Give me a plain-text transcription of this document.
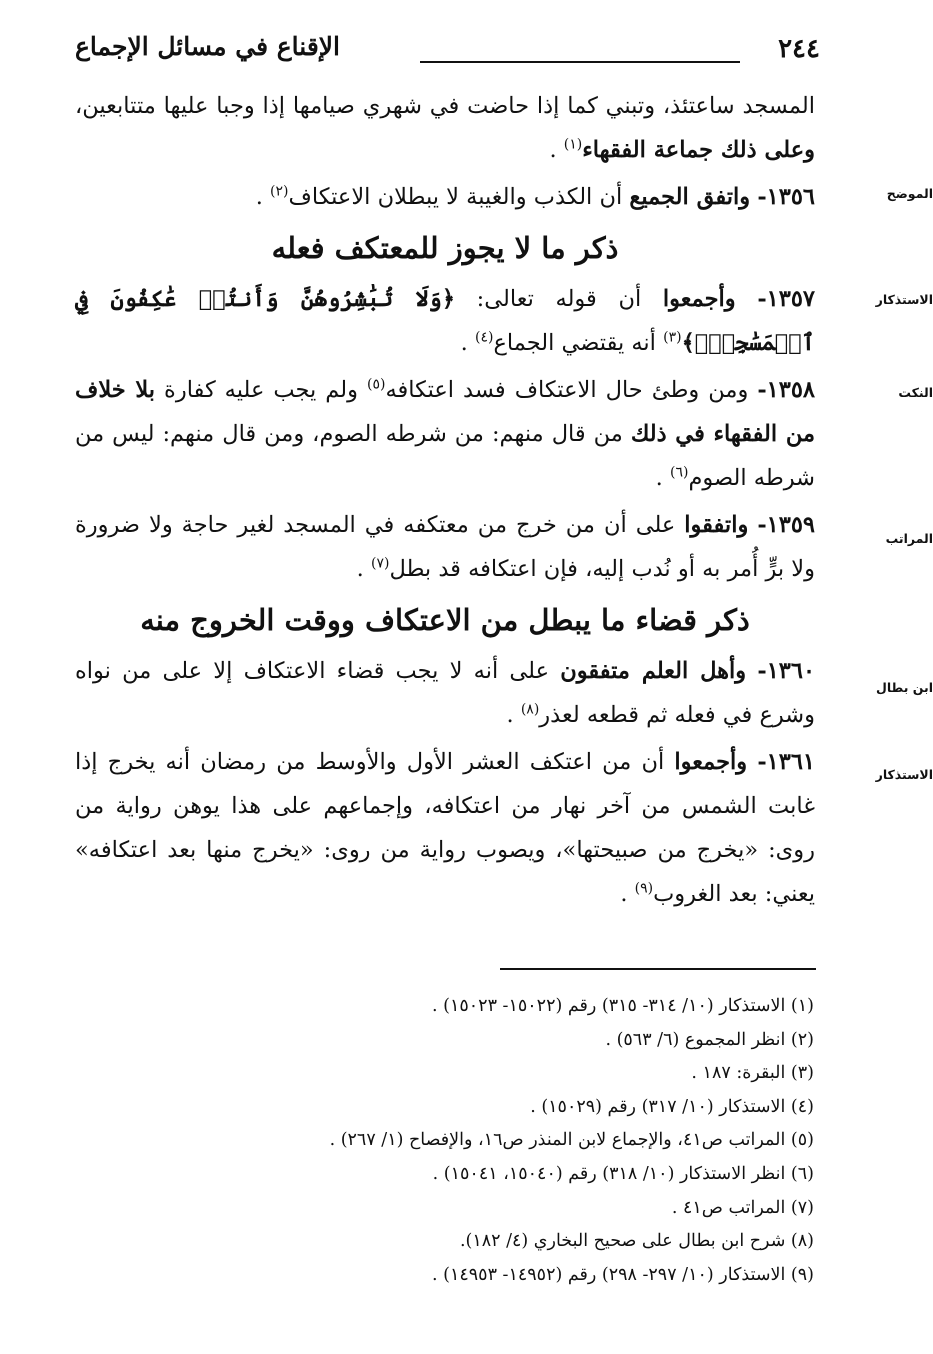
٢٤٤
الإقناع في مسائل الإجماع

المسجد ساعتئذ، وتبني كما إذا حاضت في شهري صيامها إذا وجبا عليها متتابعين، وعلى ذلك جماعة الفقهاء$^{(١)}$ .

١٣٥٦- واتفق الجميع أن الكذب والغيبة لا يبطلان الاعتكاف$^{(٢)}$ .

ذكر ما لا يجوز للمعتكف فعله

١٣٥٧- وأجمعوا أن قوله تعالى: ﴿وَلَا تُبَٰشِرُوهُنَّ وَأَنتُمۡ عَٰكِفُونَ فِي ٱلۡمَسَٰجِدِۗ﴾$^{(٣)}$ أنه يقتضي الجماع$^{(٤)}$ .

١٣٥٨- ومن وطئ حال الاعتكاف فسد اعتكافه$^{(٥)}$ ولم يجب عليه كفارة بلا خلاف من الفقهاء في ذلك من قال منهم: من شرطه الصوم، ومن قال منهم: ليس من شرطه الصوم$^{(٦)}$ .

١٣٥٩- واتفقوا على أن من خرج من معتكفه في المسجد لغير حاجة ولا ضرورة ولا برٍّ أُمر به أو نُدب إليه، فإن اعتكافه قد بطل$^{(٧)}$ .

ذكر قضاء ما يبطل من الاعتكاف ووقت الخروج منه

١٣٦٠- وأهل العلم متفقون على أنه لا يجب قضاء الاعتكاف إلا على من نواه وشرع في فعله ثم قطعه لعذر$^{(٨)}$ .

١٣٦١- وأجمعوا أن من اعتكف العشر الأول والأوسط من رمضان أنه يخرج إذا غابت الشمس من آخر نهار من اعتكافه، وإجماعهم على هذا يوهن رواية من روى: «يخرج من صبيحتها»، ويصوب رواية من روى: «يخرج منها بعد اعتكافه» يعني: بعد الغروب$^{(٩)}$ .

الموضح
الاستذكار
النكت
المراتب
ابن بطال
الاستذكار
(١) الاستذكار (١٠/ ٣١٤- ٣١٥) رقم (١٥٠٢٢- ١٥٠٢٣) .
(٢) انظر المجموع (٦/ ٥٦٣) .
(٣) البقرة: ١٨٧ .
(٤) الاستذكار (١٠/ ٣١٧) رقم (١٥٠٢٩) .
(٥) المراتب ص٤١، والإجماع لابن المنذر ص١٦، والإفصاح (١/ ٢٦٧) .
(٦) انظر الاستذكار (١٠/ ٣١٨) رقم (١٥٠٤٠، ١٥٠٤١) .
(٧) المراتب ص٤١ .
(٨) شرح ابن بطال على صحيح البخاري (٤/ ١٨٢).
(٩) الاستذكار (١٠/ ٢٩٧- ٢٩٨) رقم (١٤٩٥٢- ١٤٩٥٣) .
